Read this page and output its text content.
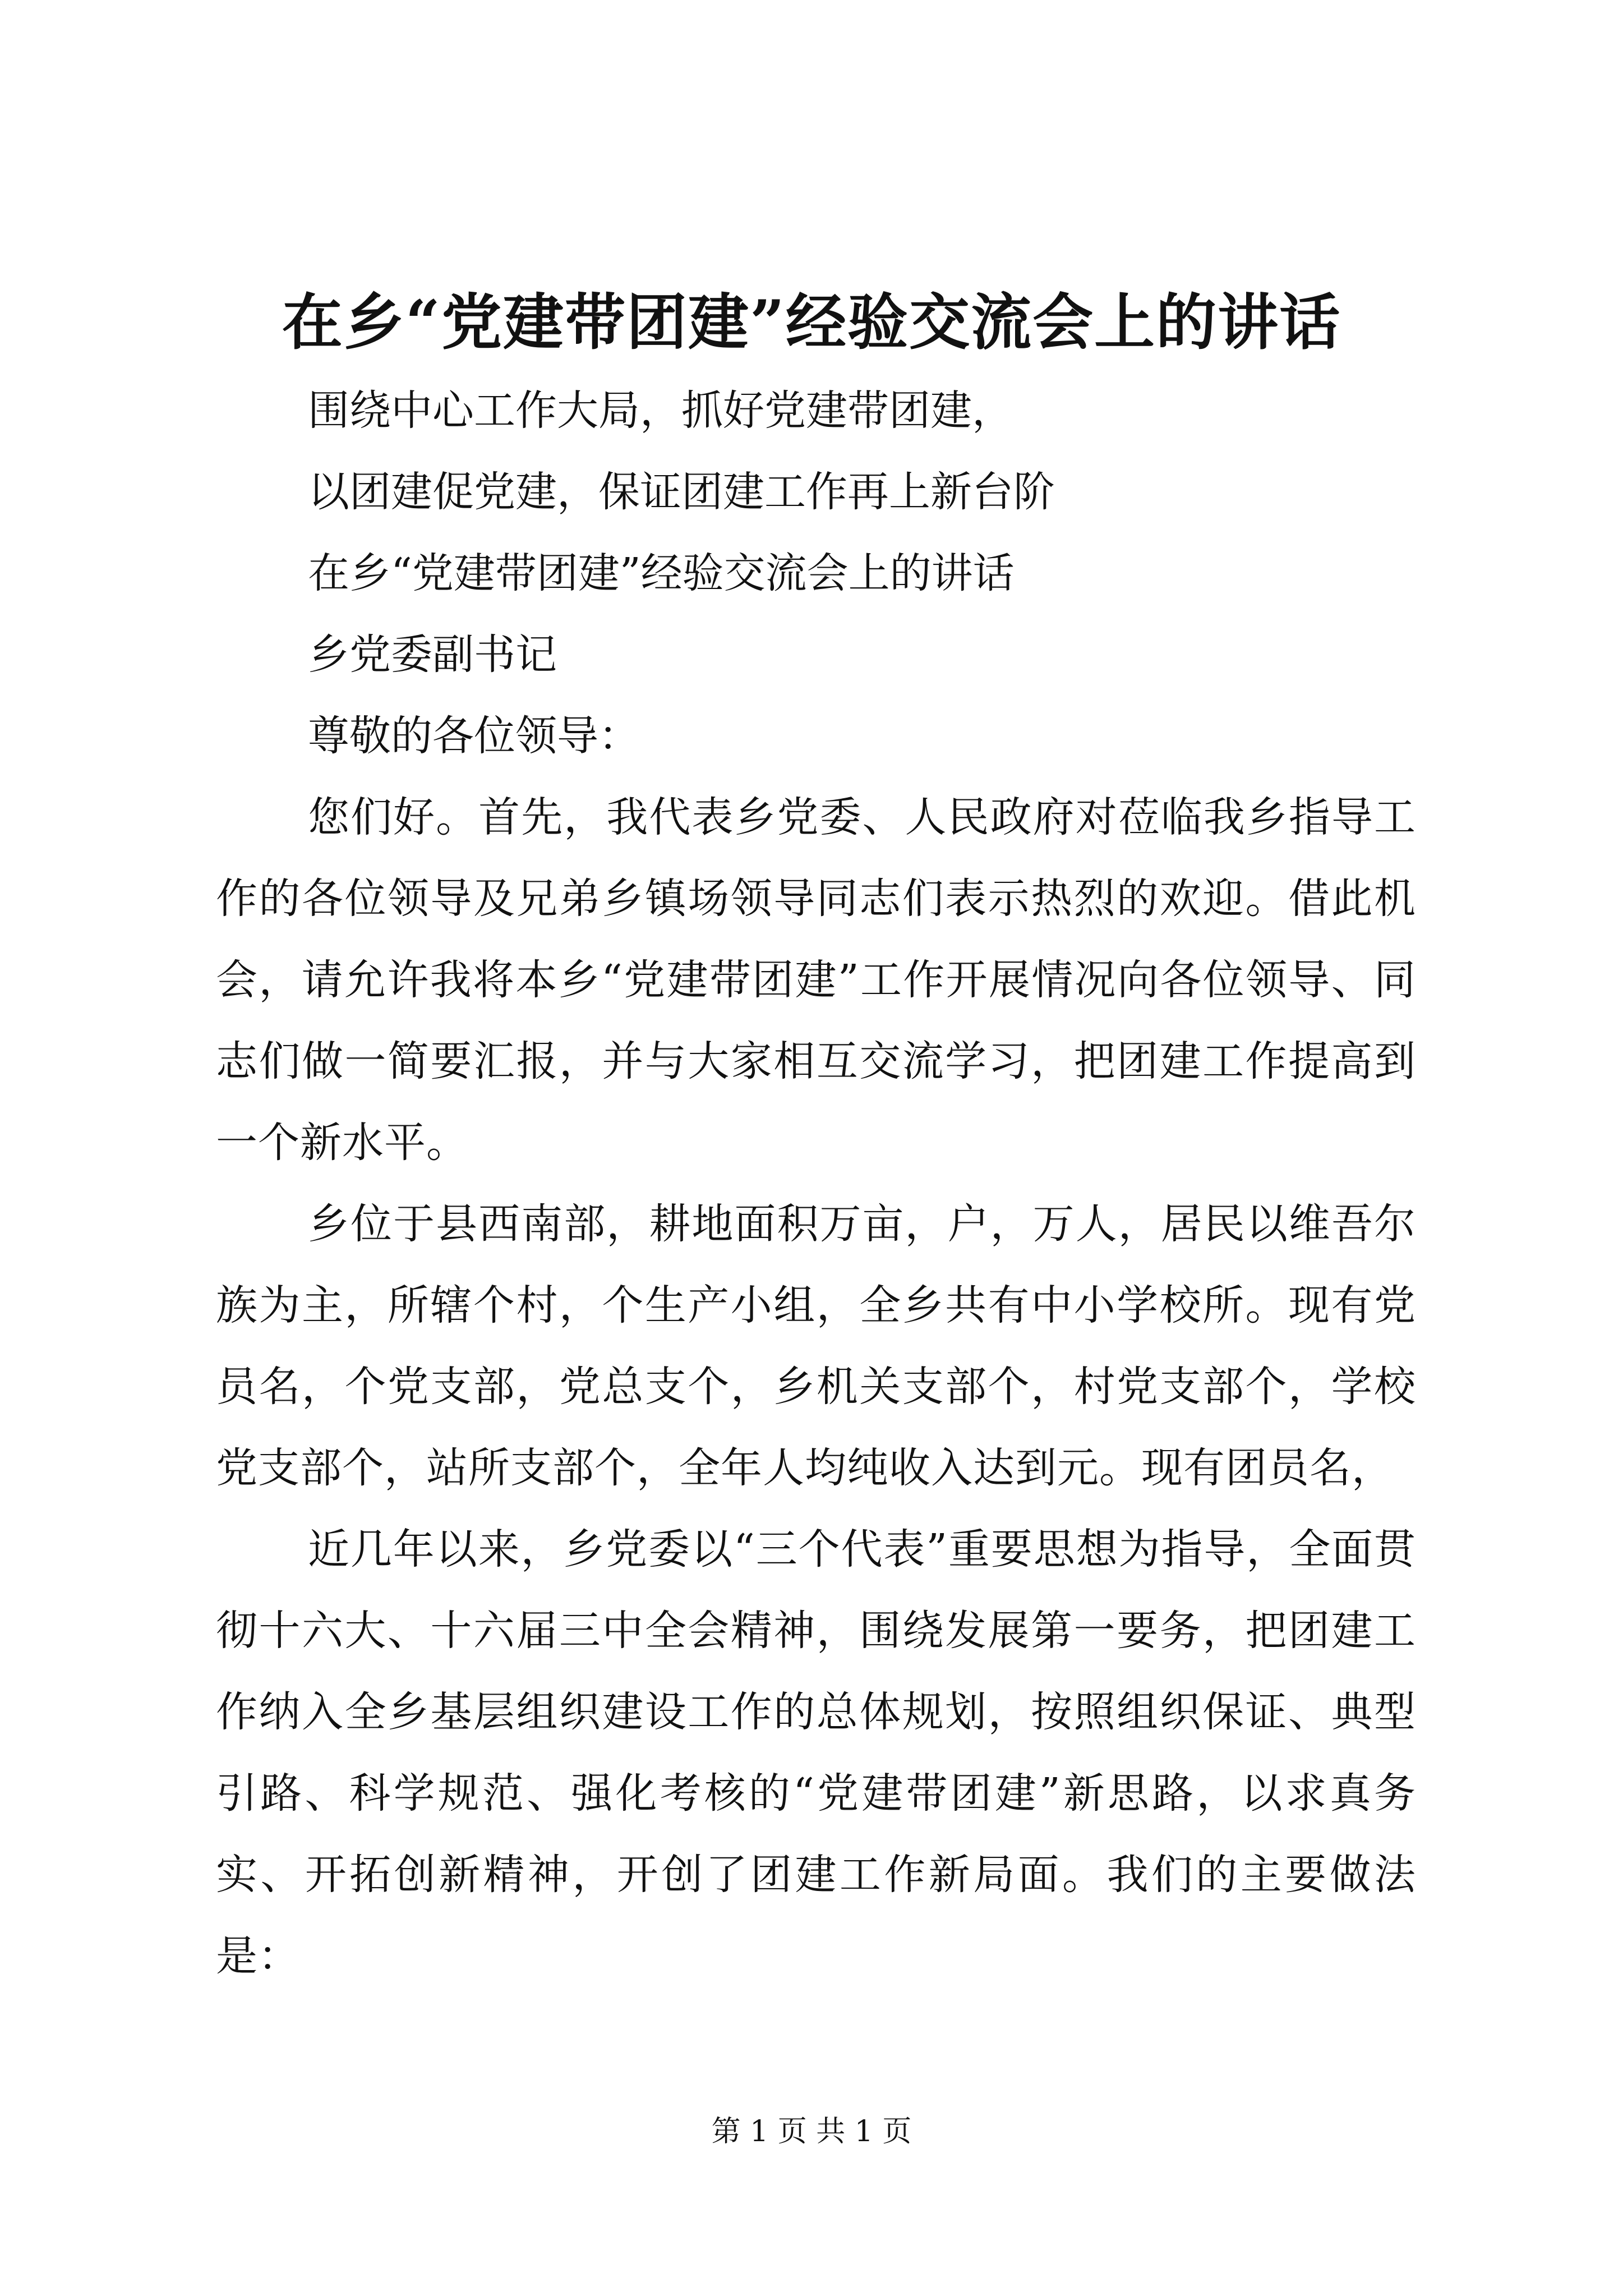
在乡“党建带团建”经验交流会上的讲话

围绕中心工作大局，抓好党建带团建，

以团建促党建，保证团建工作再上新台阶

在乡“党建带团建”经验交流会上的讲话

乡党委副书记

尊敬的各位领导：

您们好。首先，我代表乡党委、人民政府对莅临我乡指导工作的各位领导及兄弟乡镇场领导同志们表示热烈的欢迎。借此机会，请允许我将本乡“党建带团建”工作开展情况向各位领导、同志们做一简要汇报，并与大家相互交流学习，把团建工作提高到一个新水平。

乡位于县西南部，耕地面积万亩，户，万人，居民以维吾尔族为主，所辖个村，个生产小组，全乡共有中小学校所。现有党员名，个党支部，党总支个，乡机关支部个，村党支部个，学校党支部个，站所支部个，全年人均纯收入达到元。现有团员名，

近几年以来，乡党委以“三个代表”重要思想为指导，全面贯彻十六大、十六届三中全会精神，围绕发展第一要务，把团建工作纳入全乡基层组织建设工作的总体规划，按照组织保证、典型引路、科学规范、强化考核的“党建带团建”新思路，以求真务实、开拓创新精神，开创了团建工作新局面。我们的主要做法是：

第 1 页 共 1 页
